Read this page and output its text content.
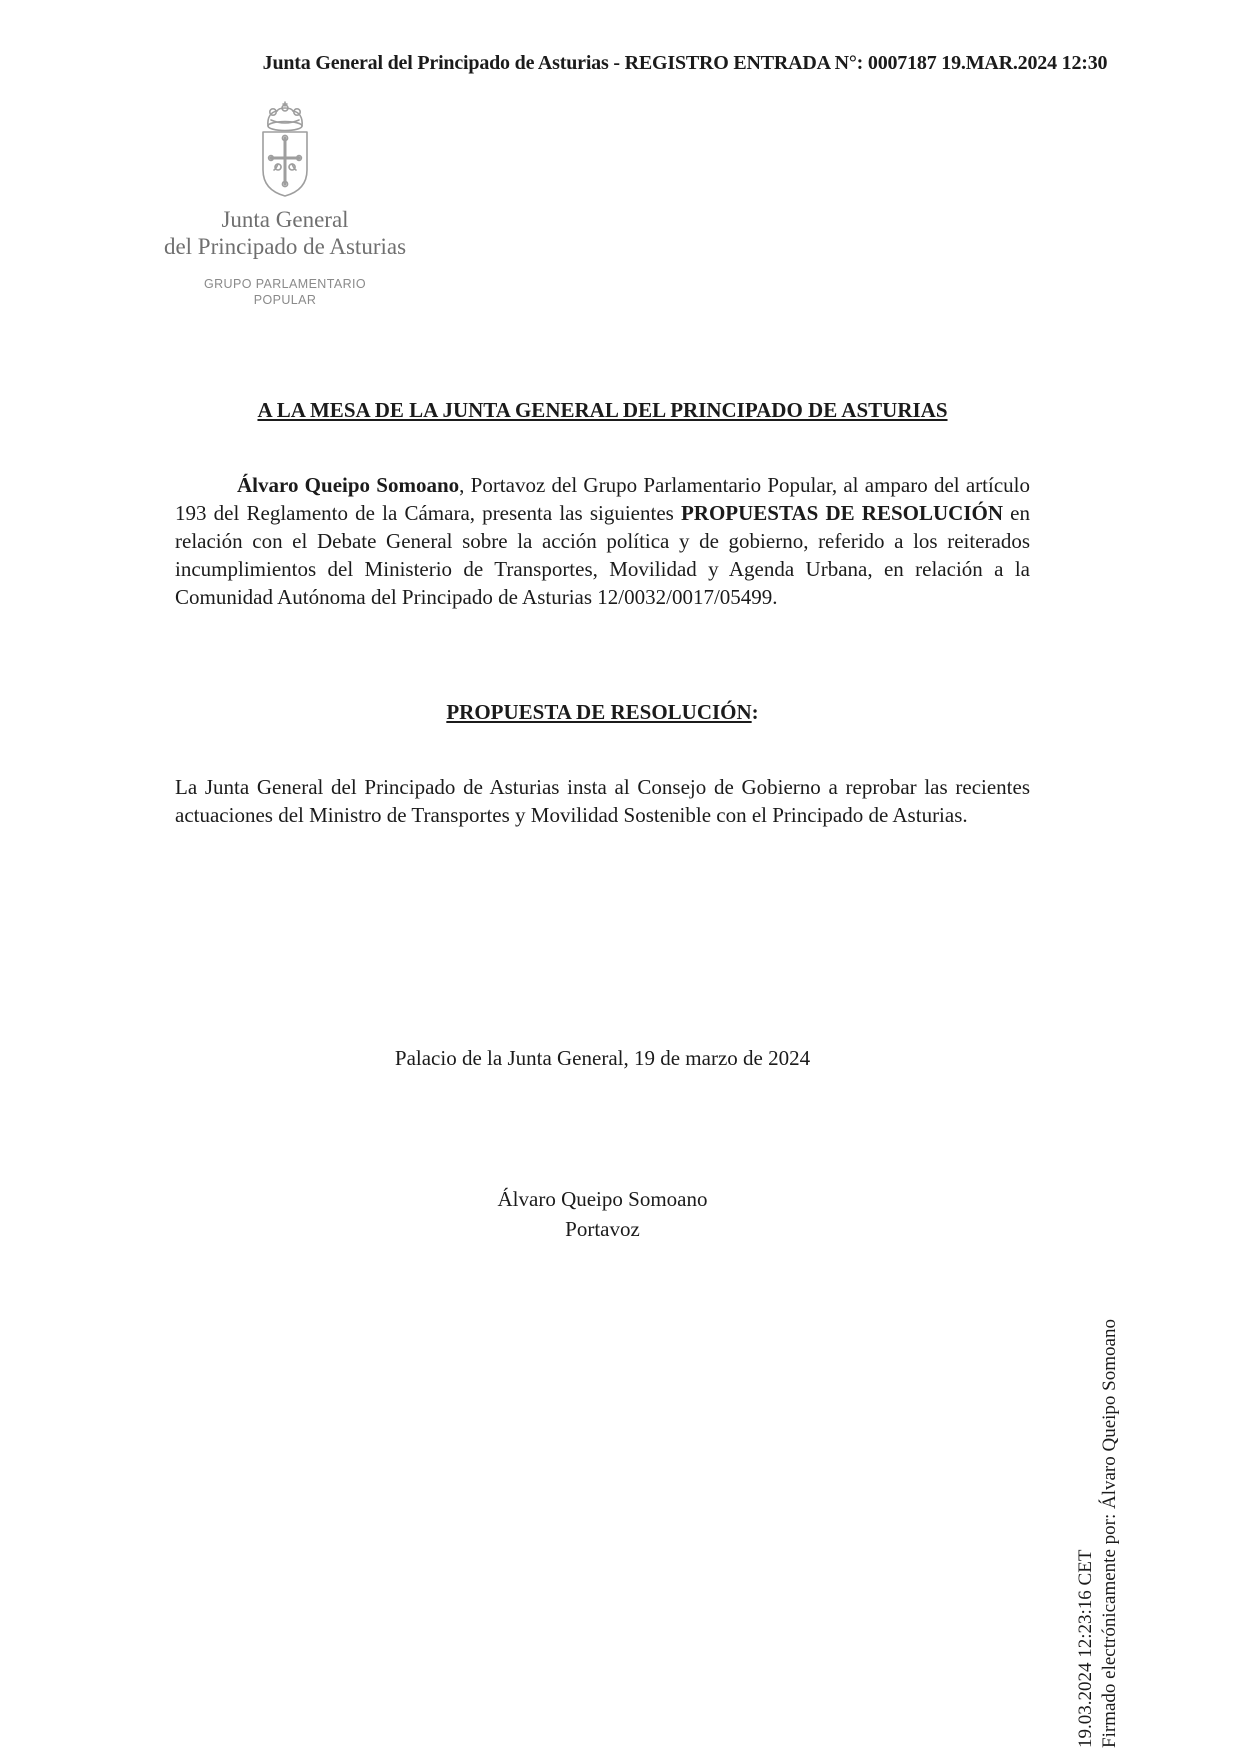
Junta General del Principado de Asturias - REGISTRO ENTRADA N°: 0007187 19.MAR.2024 12:30
Junta General
del Principado de Asturias
GRUPO PARLAMENTARIO
POPULAR
A LA MESA DE LA JUNTA GENERAL DEL PRINCIPADO DE ASTURIAS

Álvaro Queipo Somoano, Portavoz del Grupo Parlamentario Popular, al amparo del artículo 193 del Reglamento de la Cámara, presenta las siguientes PROPUESTAS DE RESOLUCIÓN en relación con el Debate General sobre la acción política y de gobierno, referido a los reiterados incumplimientos del Ministerio de Transportes, Movilidad y Agenda Urbana, en relación a la Comunidad Autónoma del Principado de Asturias 12/0032/0017/05499.

PROPUESTA DE RESOLUCIÓN:

La Junta General del Principado de Asturias insta al Consejo de Gobierno a reprobar las recientes actuaciones del Ministro de Transportes y Movilidad Sostenible con el Principado de Asturias.

Palacio de la Junta General, 19 de marzo de 2024
Álvaro Queipo Somoano
Portavoz
Firmado electrónicamente por: Álvaro Queipo Somoano
19.03.2024 12:23:16 CET
